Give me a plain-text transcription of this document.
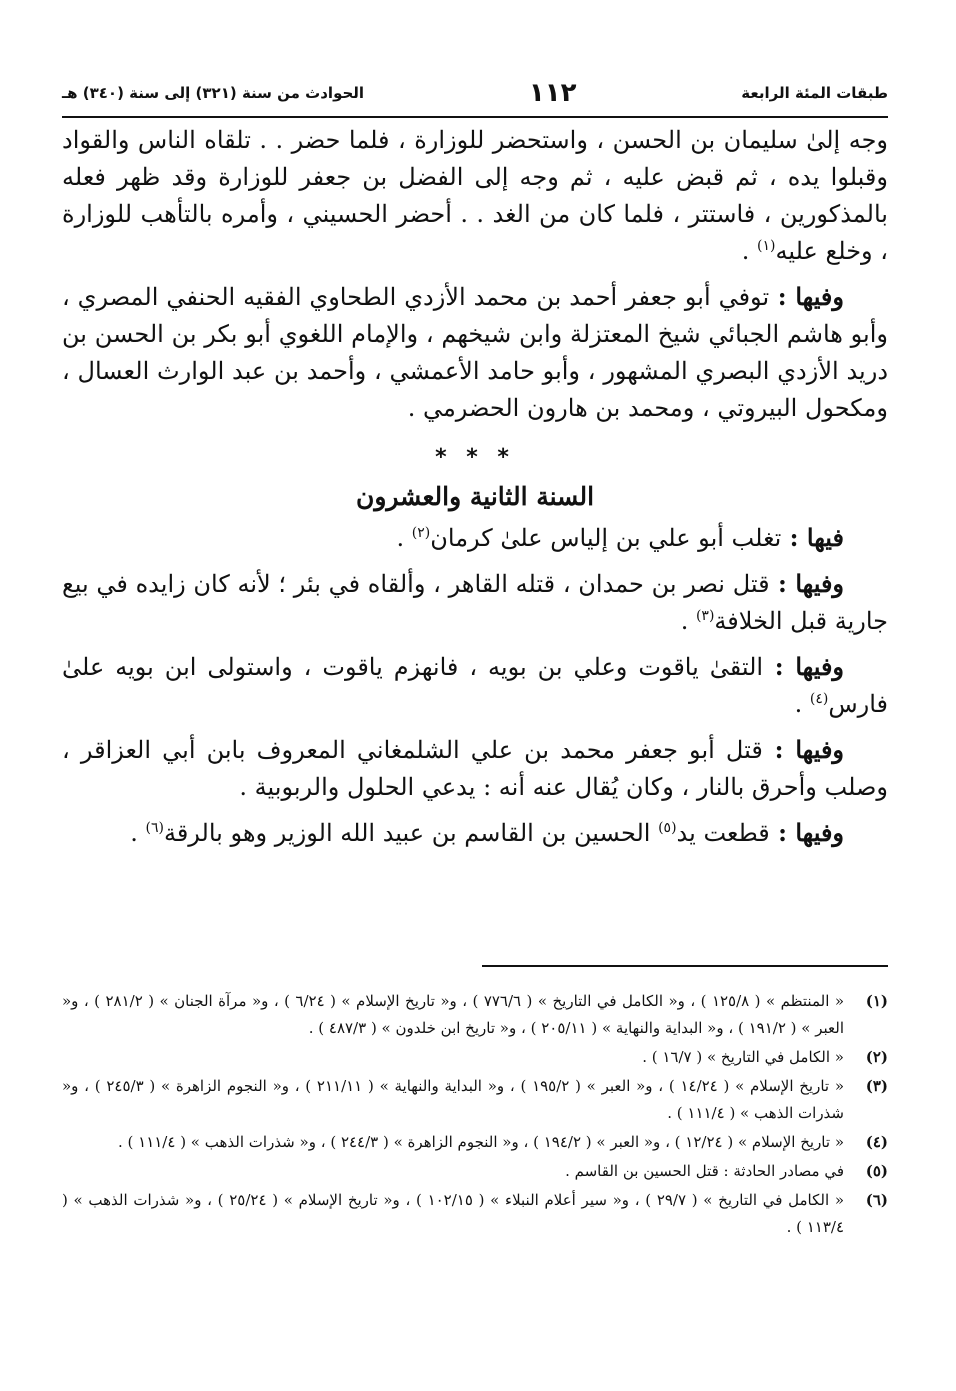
طبقات المئة الرابعة
١١٢
الحوادث من سنة (٣٢١) إلى سنة (٣٤٠) هـ

وجه إلىٰ سليمان بن الحسن ، واستحضر للوزارة ، فلما حضر . . تلقاه الناس والقواد وقبلوا يده ، ثم قبض عليه ، ثم وجه إلى الفضل بن جعفر للوزارة وقد ظهر فعله بالمذكورين ، فاستتر ، فلما كان من الغد . . أحضر الحسيني ، وأمره بالتأهب للوزارة ، وخلع عليه$^{(١)}$ .

وفيها : توفي أبو جعفر أحمد بن محمد الأزدي الطحاوي الفقيه الحنفي المصري ، وأبو هاشم الجبائي شيخ المعتزلة وابن شيخهم ، والإمام اللغوي أبو بكر بن الحسن بن دريد الأزدي البصري المشهور ، وأبو حامد الأعمشي ، وأحمد بن عبد الوارث العسال ، ومكحول البيروتي ، ومحمد بن هارون الحضرمي .

* * *
السنة الثانية والعشرون

فيها : تغلب أبو علي بن إلياس علىٰ كرمان$^{(٢)}$ .

وفيها : قتل نصر بن حمدان ، قتله القاهر ، وألقاه في بئر ؛ لأنه كان زايده في بيع جارية قبل الخلافة$^{(٣)}$ .

وفيها : التقىٰ ياقوت وعلي بن بويه ، فانهزم ياقوت ، واستولى ابن بويه علىٰ فارس$^{(٤)}$ .

وفيها : قتل أبو جعفر محمد بن علي الشلمغاني المعروف بابن أبي العزاقر ، وصلب وأحرق بالنار ، وكان يُقال عنه أنه : يدعي الحلول والربوبية .

وفيها : قطعت يد$^{(٥)}$ الحسين بن القاسم بن عبيد الله الوزير وهو بالرقة$^{(٦)}$ .

(١)
« المنتظم » ( ١٢٥/٨ ) ، و« الكامل في التاريخ » ( ٧٧٦/٦ ) ، و« تاريخ الإسلام » ( ٦/٢٤ ) ، و« مرآة الجنان » ( ٢٨١/٢ ) ، و« العبر » ( ١٩١/٢ ) ، و« البداية والنهاية » ( ٢٠٥/١١ ) ، و« تاريخ ابن خلدون » ( ٤٨٧/٣ ) .
(٢)
« الكامل في التاريخ » ( ١٦/٧ ) .
(٣)
« تاريخ الإسلام » ( ١٤/٢٤ ) ، و« العبر » ( ١٩٥/٢ ) ، و« البداية والنهاية » ( ٢١١/١١ ) ، و« النجوم الزاهرة » ( ٢٤٥/٣ ) ، و« شذرات الذهب » ( ١١١/٤ ) .
(٤)
« تاريخ الإسلام » ( ١٢/٢٤ ) ، و« العبر » ( ١٩٤/٢ ) ، و« النجوم الزاهرة » ( ٢٤٤/٣ ) ، و« شذرات الذهب » ( ١١١/٤ ) .
(٥)
في مصادر الحادثة : قتل الحسين بن القاسم .
(٦)
« الكامل في التاريخ » ( ٢٩/٧ ) ، و« سير أعلام النبلاء » ( ١٠٢/١٥ ) ، و« تاريخ الإسلام » ( ٢٥/٢٤ ) ، و« شذرات الذهب » ( ١١٣/٤ ) .
